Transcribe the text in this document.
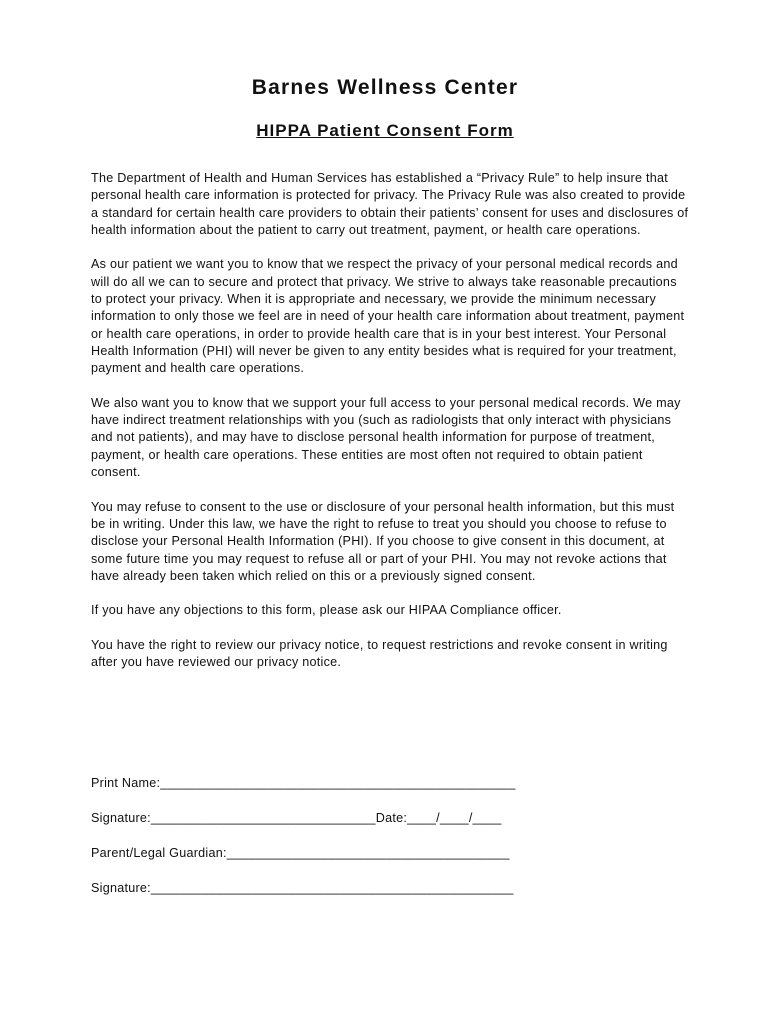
Barnes Wellness Center
HIPPA Patient Consent Form

The Department of Health and Human Services has established a “Privacy Rule” to help insure that personal health care information is protected for privacy. The Privacy Rule was also created to provide a standard for certain health care providers to obtain their patients’ consent for uses and disclosures of health information about the patient to carry out treatment, payment, or health care operations.

As our patient we want you to know that we respect the privacy of your personal medical records and will do all we can to secure and protect that privacy. We strive to always take reasonable precautions to protect your privacy. When it is appropriate and necessary, we provide the minimum necessary information to only those we feel are in need of your health care information about treatment, payment or health care operations, in order to provide health care that is in your best interest. Your Personal Health Information (PHI) will never be given to any entity besides what is required for your treatment, payment and health care operations.

We also want you to know that we support your full access to your personal medical records. We may have indirect treatment relationships with you (such as radiologists that only interact with physicians and not patients), and may have to disclose personal health information for purpose of treatment, payment, or health care operations. These entities are most often not required to obtain patient consent.

You may refuse to consent to the use or disclosure of your personal health information, but this must be in writing. Under this law, we have the right to refuse to treat you should you choose to refuse to disclose your Personal Health Information (PHI). If you choose to give consent in this document, at some future time you may request to refuse all or part of your PHI. You may not revoke actions that have already been taken which relied on this or a previously signed consent.

If you have any objections to this form, please ask our HIPAA Compliance officer.

You have the right to review our privacy notice, to request restrictions and revoke consent in writing after you have reviewed our privacy notice.

Print Name:_________________________________________________
Signature:_______________________________Date:____/____/____
Parent/Legal Guardian:_______________________________________
Signature:__________________________________________________
